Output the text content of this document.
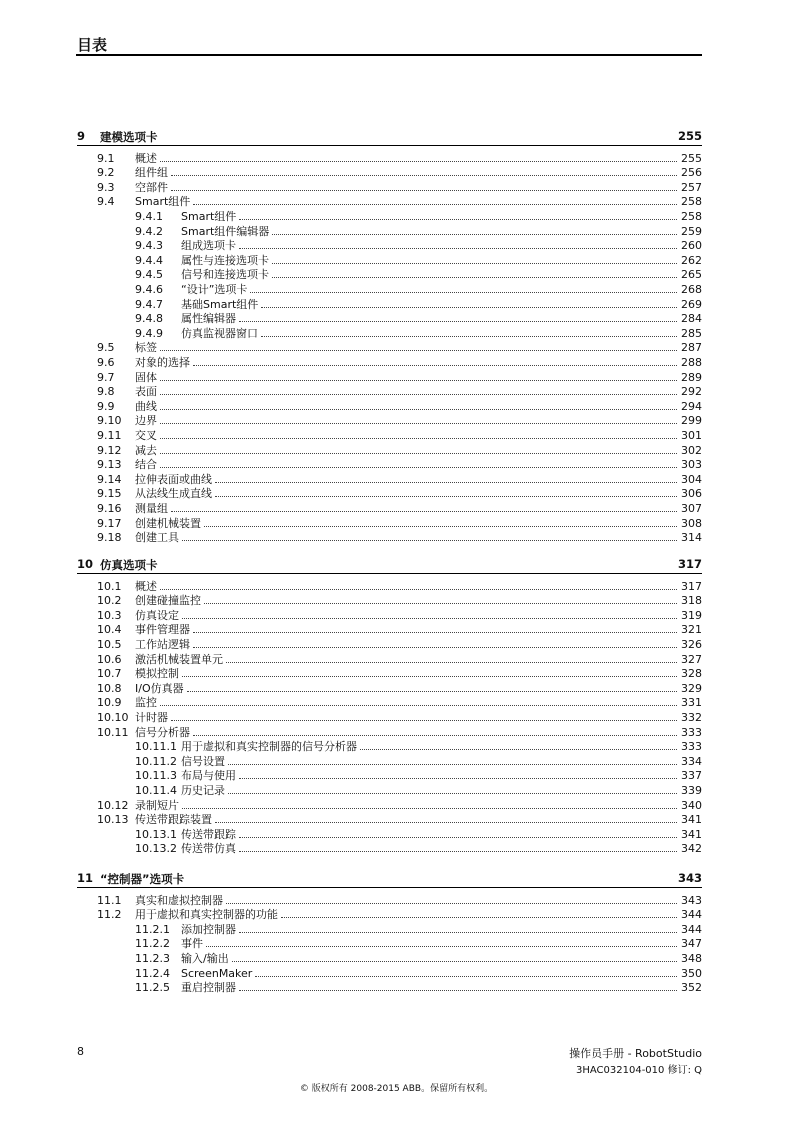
目表
9 建模选项卡	255
9.1	概述	255
9.2	组件组	256
9.3	空部件	257
9.4	Smart组件	258
9.4.1	Smart组件	258
9.4.2	Smart组件编辑器	259
9.4.3	组成选项卡	260
9.4.4	属性与连接选项卡	262
9.4.5	信号和连接选项卡	265
9.4.6	“设计”选项卡	268
9.4.7	基础Smart组件	269
9.4.8	属性编辑器	284
9.4.9	仿真监视器窗口	285
9.5	标签	287
9.6	对象的选择	288
9.7	固体	289
9.8	表面	292
9.9	曲线	294
9.10	边界	299
9.11	交叉	301
9.12	减去	302
9.13	结合	303
9.14	拉伸表面或曲线	304
9.15	从法线生成直线	306
9.16	测量组	307
9.17	创建机械装置	308
9.18	创建工具	314
10 仿真选项卡	317
10.1	概述	317
10.2	创建碰撞监控	318
10.3	仿真设定	319
10.4	事件管理器	321
10.5	工作站逻辑	326
10.6	激活机械装置单元	327
10.7	模拟控制	328
10.8	I/O仿真器	329
10.9	监控	331
10.10 计时器	332
10.11 信号分析器	333
10.11.1 用于虚拟和真实控制器的信号分析器	333
10.11.2 信号设置	334
10.11.3 布局与使用	337
10.11.4 历史记录	339
10.12 录制短片	340
10.13 传送带跟踪装置	341
10.13.1 传送带跟踪	341
10.13.2 传送带仿真	342
11 “控制器”选项卡	343
11.1	真实和虚拟控制器	343
11.2	用于虚拟和真实控制器的功能	344
11.2.1	添加控制器	344
11.2.2	事件	347
11.2.3	输入/输出	348
11.2.4	ScreenMaker	350
11.2.5	重启控制器	352
8	操作员手册 - RobotStudio
3HAC032104-010 修订: Q
© 版权所有 2008-2015 ABB。保留所有权利。
